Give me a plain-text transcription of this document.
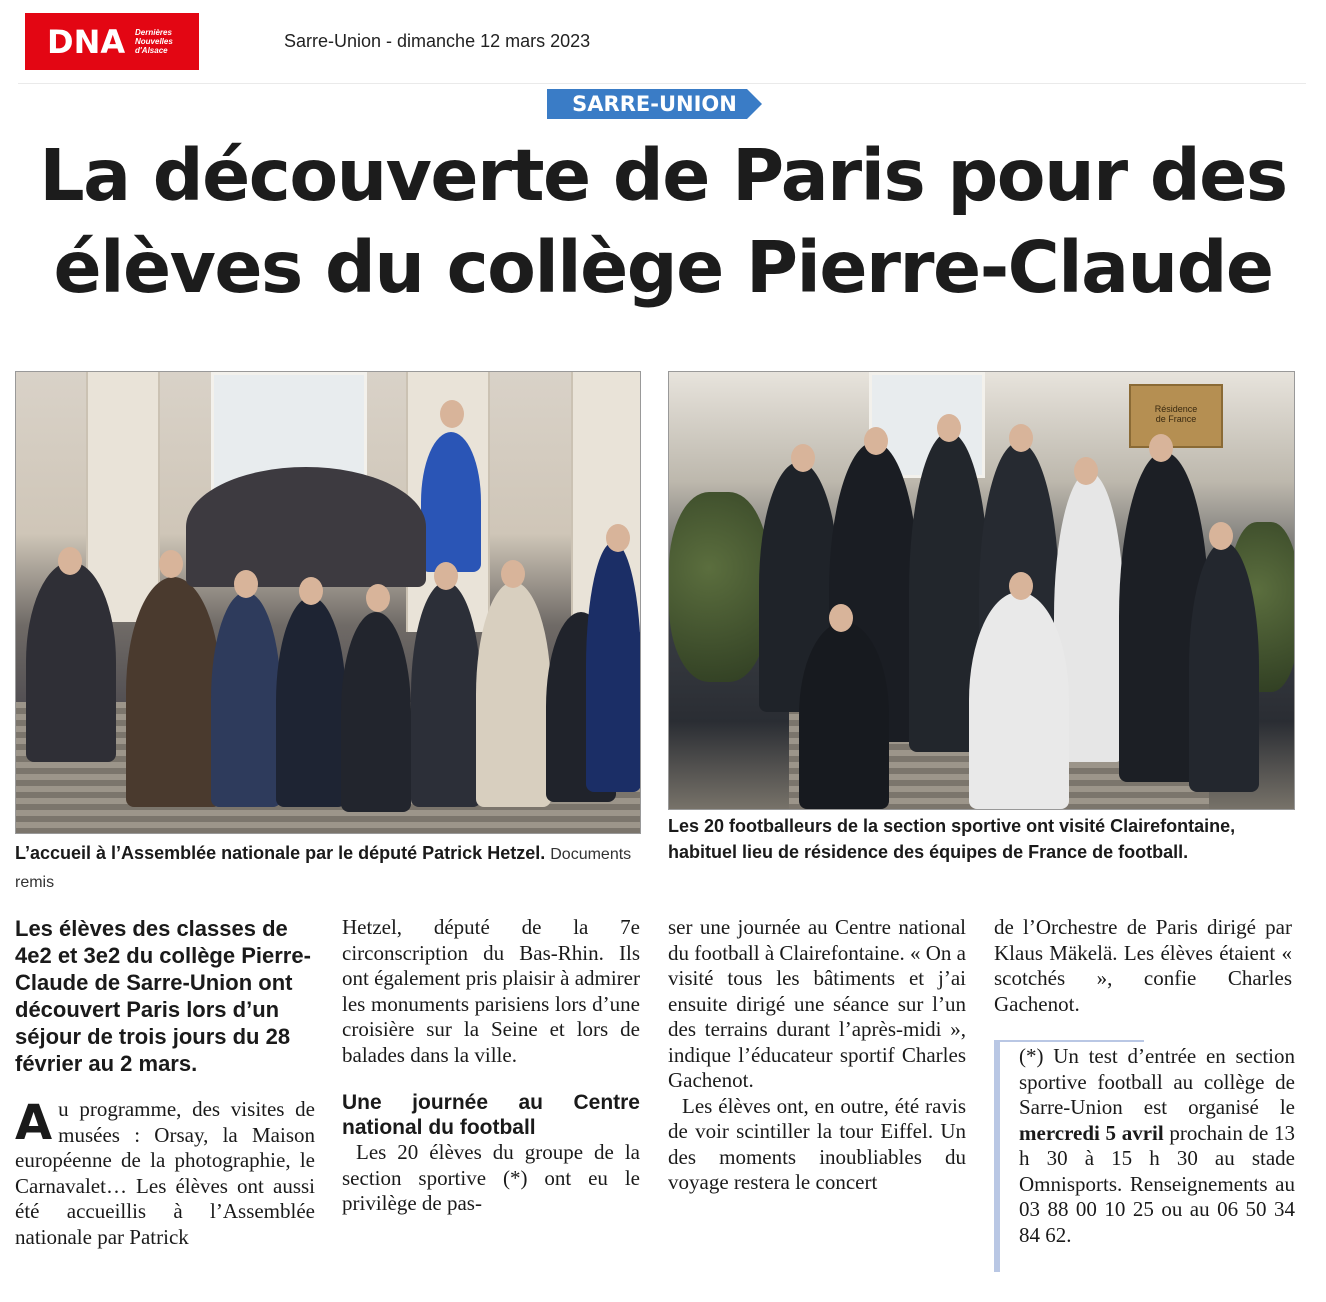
DNA Dernières Nouvelles d'Alsace	Sarre-Union - dimanche 12 mars 2023
SARRE-UNION
La découverte de Paris pour des élèves du collège Pierre-Claude
Résidence
de France
L’accueil à l’Assemblée nationale par le député Patrick Hetzel. Documents remis
Les 20 footballeurs de la section sportive ont visité Clairefontaine, habituel lieu de résidence des équipes de France de football.
Les élèves des classes de 4e2 et 3e2 du collège Pierre-Claude de Sarre-Union ont découvert Paris lors d’un séjour de trois jours du 28 février au 2 mars.
Au programme, des visites de musées : Orsay, la Maison européenne de la photographie, le Carnavalet… Les élèves ont aussi été accueillis à l’Assemblée nationale par Patrick
Hetzel, député de la 7e circonscription du Bas-Rhin. Ils ont également pris plaisir à admirer les monuments parisiens lors d’une croisière sur la Seine et lors de balades dans la ville.
Une journée au Centre national du football
Les 20 élèves du groupe de la section sportive (*) ont eu le privilège de pas-
ser une journée au Centre national du football à Clairefontaine. « On a visité tous les bâtiments et j’ai ensuite dirigé une séance sur l’un des terrains durant l’après-midi », indique l’éducateur sportif Charles Gachenot.
Les élèves ont, en outre, été ravis de voir scintiller la tour Eiffel. Un des moments inoubliables du voyage restera le concert
de l’Orchestre de Paris dirigé par Klaus Mäkelä. Les élèves étaient « scotchés », confie Charles Gachenot.
(*) Un test d’entrée en section sportive football au collège de Sarre-Union est organisé le mercredi 5 avril prochain de 13 h 30 à 15 h 30 au stade Omnisports. Renseignements au 03 88 00 10 25 ou au 06 50 34 84 62.
